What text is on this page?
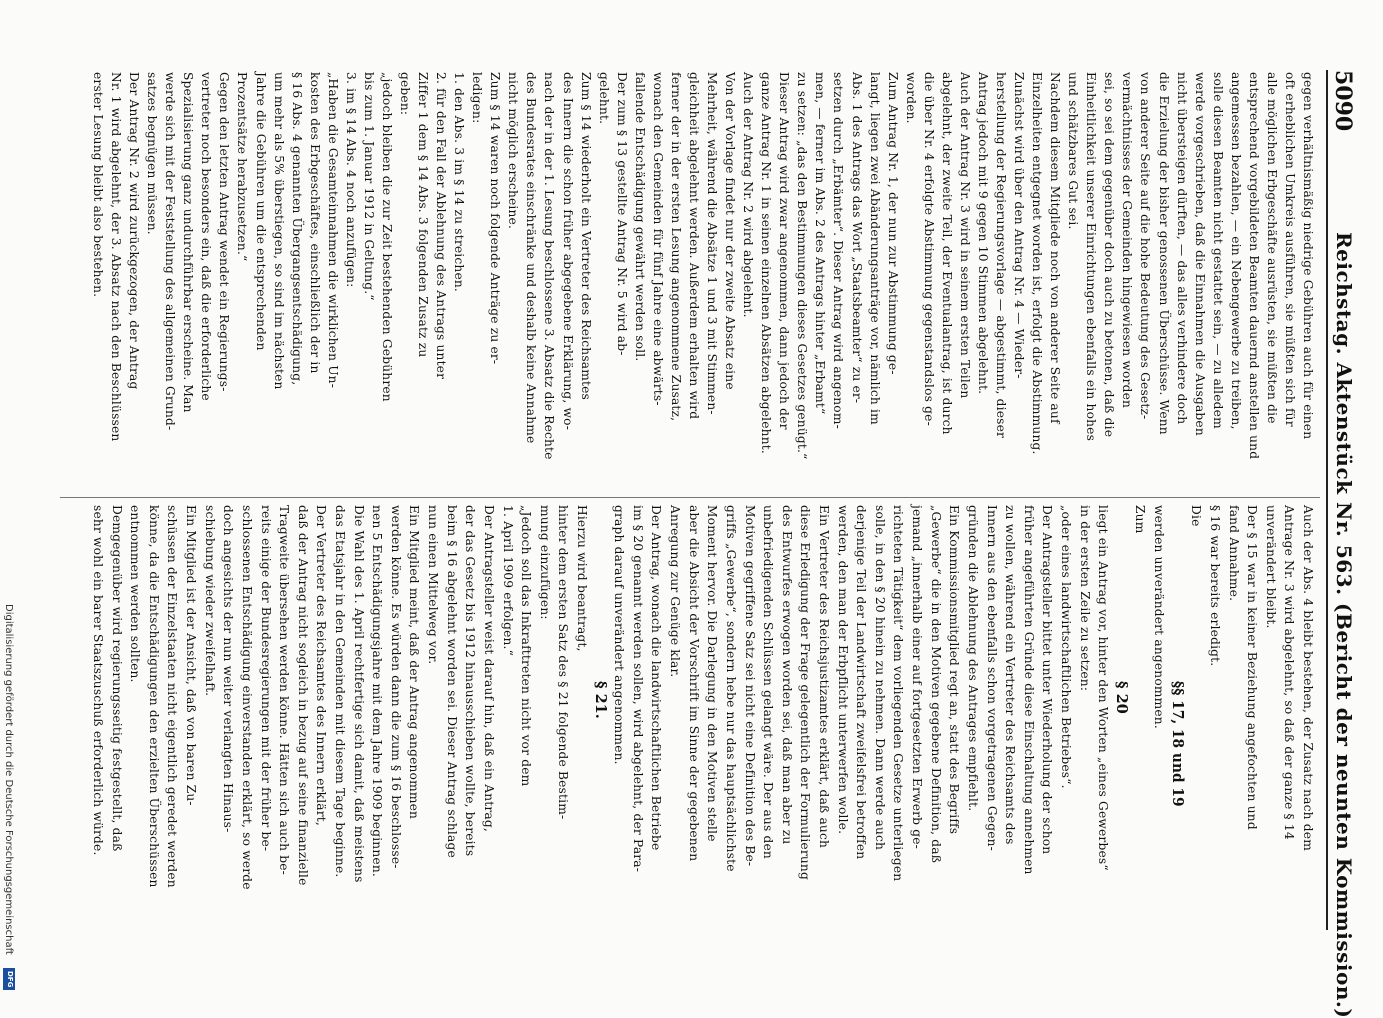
5090
Reichstag. Aktenstück Nr. 563. (Bericht der neunten Kommission.)
Digitalisierung gefördert durch die Deutsche Forschungsgemeinschaft
DFG
gegen verhältnismäßig niedrige Gebühren auch für einen
oft erheblichen Umkreis ausführen, sie müßten sich für
alle möglichen Erbgeschäfte ausrüsten, sie müßten die
entsprechend vorgebildeten Beamten dauernd anstellen und
angemessen bezahlen, — ein Nebengewerbe zu treiben,
solle diesen Beamten nicht gestattet sein, — zu alledem
werde vorgeschrieben, daß die Einnahmen die Ausgaben
nicht übersteigen dürften, — das alles verhindere doch
die Erzielung der bisher genossenen Überschüsse. Wenn
von anderer Seite auf die hohe Bedeutung des Gesetz-
vermächtnisses der Gemeinden hingewiesen worden
sei, so sei dem gegenüber doch auch zu betonen, daß die
Einheitlichkeit unserer Einrichtungen ebenfalls ein hohes
und schätzbares Gut sei.
Nachdem diesem Mitgliede noch von anderer Seite auf
Einzelheiten entgegnet worden ist, erfolgt die Abstimmung.
Zunächst wird über den Antrag Nr. 4 — Wieder-
herstellung der Regierungsvorlage — abgestimmt, dieser
Antrag jedoch mit 9 gegen 10 Stimmen abgelehnt.
Auch der Antrag Nr. 3 wird in seinem ersten Teilen
abgelehnt, der zweite Teil, der Eventualantrag, ist durch
die über Nr. 4 erfolgte Abstimmung gegenstandslos ge-
worden.
Zum Antrag Nr. 1, der nun zur Abstimmung ge-
langt, liegen zwei Abänderungsanträge vor, nämlich im
Abs. 1 des Antrags das Wort „Staatsbeamter“ zu er-
setzen durch „Erbämter“. Dieser Antrag wird angenom-
men, — ferner im Abs. 2 des Antrags hinter „Erbamt“
zu setzen: „das den Bestimmungen dieses Gesetzes genügt.“
Dieser Antrag wird zwar angenommen, dann jedoch der
ganze Antrag Nr. 1 in seinen einzelnen Absätzen abgelehnt.
Auch der Antrag Nr. 2 wird abgelehnt.
Von der Vorlage findet nur der zweite Absatz eine
Mehrheit, während die Absätze 1 und 3 mit Stimmen-
gleichheit abgelehnt werden. Außerdem erhalten wird
ferner der in der ersten Lesung angenommene Zusatz,
wonach den Gemeinden für fünf Jahre eine abwärts-
fallende Entschädigung gewährt werden soll.
Der zum § 13 gestellte Antrag Nr. 5 wird ab-
gelehnt.
Zum § 14 wiederholt ein Vertreter des Reichsamtes
des Innern die schon früher abgegebene Erklärung, wo-
nach der in der 1. Lesung beschlossene 3. Absatz die Rechte
des Bundesrates einschränke und deshalb keine Annahme
nicht möglich erscheine.
Zum § 14 waren noch folgende Anträge zu er-
ledigen:
1. den Abs. 3 im § 14 zu streichen.
2. für den Fall der Ablehnung des Antrags unter
Ziffer 1 dem § 14 Abs. 3 folgenden Zusatz zu
geben:
„jedoch bleiben die zur Zeit bestehenden Gebühren
bis zum 1. Januar 1912 in Geltung.“
3. im § 14 Abs. 4 noch anzufügen:
„Haben die Gesamteinnahmen die wirklichen Un-
kosten des Erbgeschäftes, einschließlich der in
§ 16 Abs. 4 genannten Übergangsentschädigung,
um mehr als 5% überstiegen, so sind im nächsten
Jahre die Gebühren um die entsprechenden
Prozentsätze herabzusetzen.“
Gegen den letzten Antrag wendet ein Regierungs-
vertreter noch besonders ein, daß die erforderliche
Spezialisierung ganz undurchführbar erscheine. Man
werde sich mit der Feststellung des allgemeinen Grund-
satzes begnügen müssen.
Der Antrag Nr. 2 wird zurückgezogen, der Antrag
Nr. 1 wird abgelehnt, der 3. Absatz nach den Beschlüssen
erster Lesung bleibt also bestehen.
Auch der Abs. 4 bleibt bestehen, der Zusatz nach dem
Antrage Nr. 3 wird abgelehnt, so daß der ganze § 14
unverändert bleibt.
Der § 15 war in keiner Beziehung angefochten und
fand Annahme.
§ 16 war bereits erledigt.
Die
§§ 17, 18 und 19
werden unverändert angenommen.
Zum
§ 20
liegt ein Antrag vor, hinter den Worten „eines Gewerbes“
in der ersten Zeile zu setzen:
„oder eines landwirtschaftlichen Betriebes“.
Der Antragsteller bittet unter Wiederholung der schon
früher angeführten Gründe diese Einschaltung annehmen
zu wollen, während ein Vertreter des Reichsamts des
Innern aus den ebenfalls schon vorgetragenen Gegen-
gründen die Ablehnung des Antrages empfiehlt.
Ein Kommissionsmitglied regt an, statt des Begriffs
„Gewerbe“ die in den Motiven gegebene Definition, daß
jemand „innerhalb einer auf fortgesetzten Erwerb ge-
richteten Tätigkeit“ dem vorliegenden Gesetze unterliegen
solle, in den § 20 hinein zu nehmen. Dann werde auch
derjenige Teil der Landwirtschaft zweifelsfrei betroffen
werden, den man der Erbpflicht unterwerfen wolle.
Ein Vertreter des Reichsjustizamtes erklärt, daß auch
diese Erledigung der Frage gelegentlich der Formulierung
des Entwurfes erwogen worden sei, daß man aber zu
unbefriedigenden Schlüssen gelangt wäre. Der aus den
Motiven gegriffene Satz sei nicht eine Definition des Be-
griffs „Gewerbe“, sondern hebe nur das hauptsächlichste
Moment hervor. Die Darlegung in den Motiven stelle
aber die Absicht der Vorschrift im Sinne der gegebenen
Anregung zur Genüge klar.
Der Antrag, wonach die landwirtschaftlichen Betriebe
im § 20 genannt werden sollen, wird abgelehnt, der Para-
graph darauf unverändert angenommen.
§ 21.
Hierzu wird beantragt,
hinter dem ersten Satz des § 21 folgende Bestim-
mung einzufügen:
„Jedoch soll das Inkrafttreten nicht vor dem
1. April 1909 erfolgen.“
Der Antragsteller weist darauf hin, daß ein Antrag,
der das Gesetz bis 1912 hinausschieben wollte, bereits
beim § 16 abgelehnt worden sei. Dieser Antrag schlage
nun einen Mittelweg vor.
Ein Mitglied meint, daß der Antrag angenommen
werden könne. Es würden dann die zum § 16 beschlosse-
nen 5 Entschädigungsjahre mit dem Jahre 1909 beginnen.
Die Wahl des 1. April rechtfertige sich damit, daß meistens
das Etatsjahr in den Gemeinden mit diesem Tage beginne.
Der Vertreter des Reichsamtes des Innern erklärt,
daß der Antrag nicht sogleich in bezug auf seine finanzielle
Tragweite übersehen werden könne. Hätten sich auch be-
reits einige der Bundesregierungen mit der früher be-
schlossenen Entschädigung einverstanden erklärt, so werde
doch angesichts der nun weiter verlangten Hinaus-
schiebung wieder zweifelhaft.
Ein Mitglied ist der Ansicht, daß von baren Zu-
schüssen der Einzelstaaten nicht eigentlich geredet werden
könne, da die Entschädigungen den erzielten Überschüssen
entnommen werden sollten.
Demgegenüber wird regierungsseitig festgestellt, daß
sehr wohl ein barer Staatszuschuß erforderlich würde.
